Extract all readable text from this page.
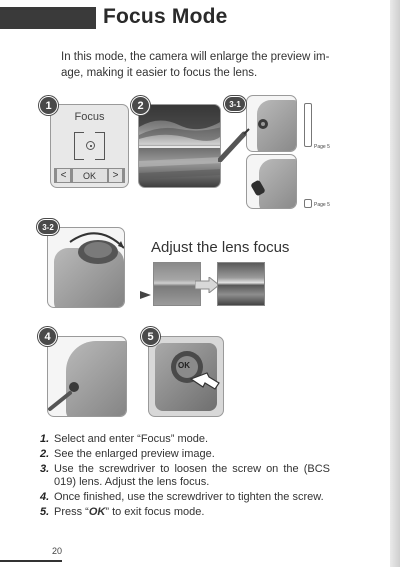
Focus Mode

In this mode, the camera will enlarge the preview im- age, making it easier to focus the lens.

1
Focus
<	OK	>
2	3-1
Page 5
Page 5
3-2
Adjust the lens focus
4	5
OK
1. Select and enter “Focus” mode.
2. See the enlarged preview image.
3. Use the screwdriver to loosen the screw on the (BCS 019) lens. Adjust the lens focus.
4. Once finished, use the screwdriver to tighten the screw.
5. Press “OK” to exit focus mode.
20
